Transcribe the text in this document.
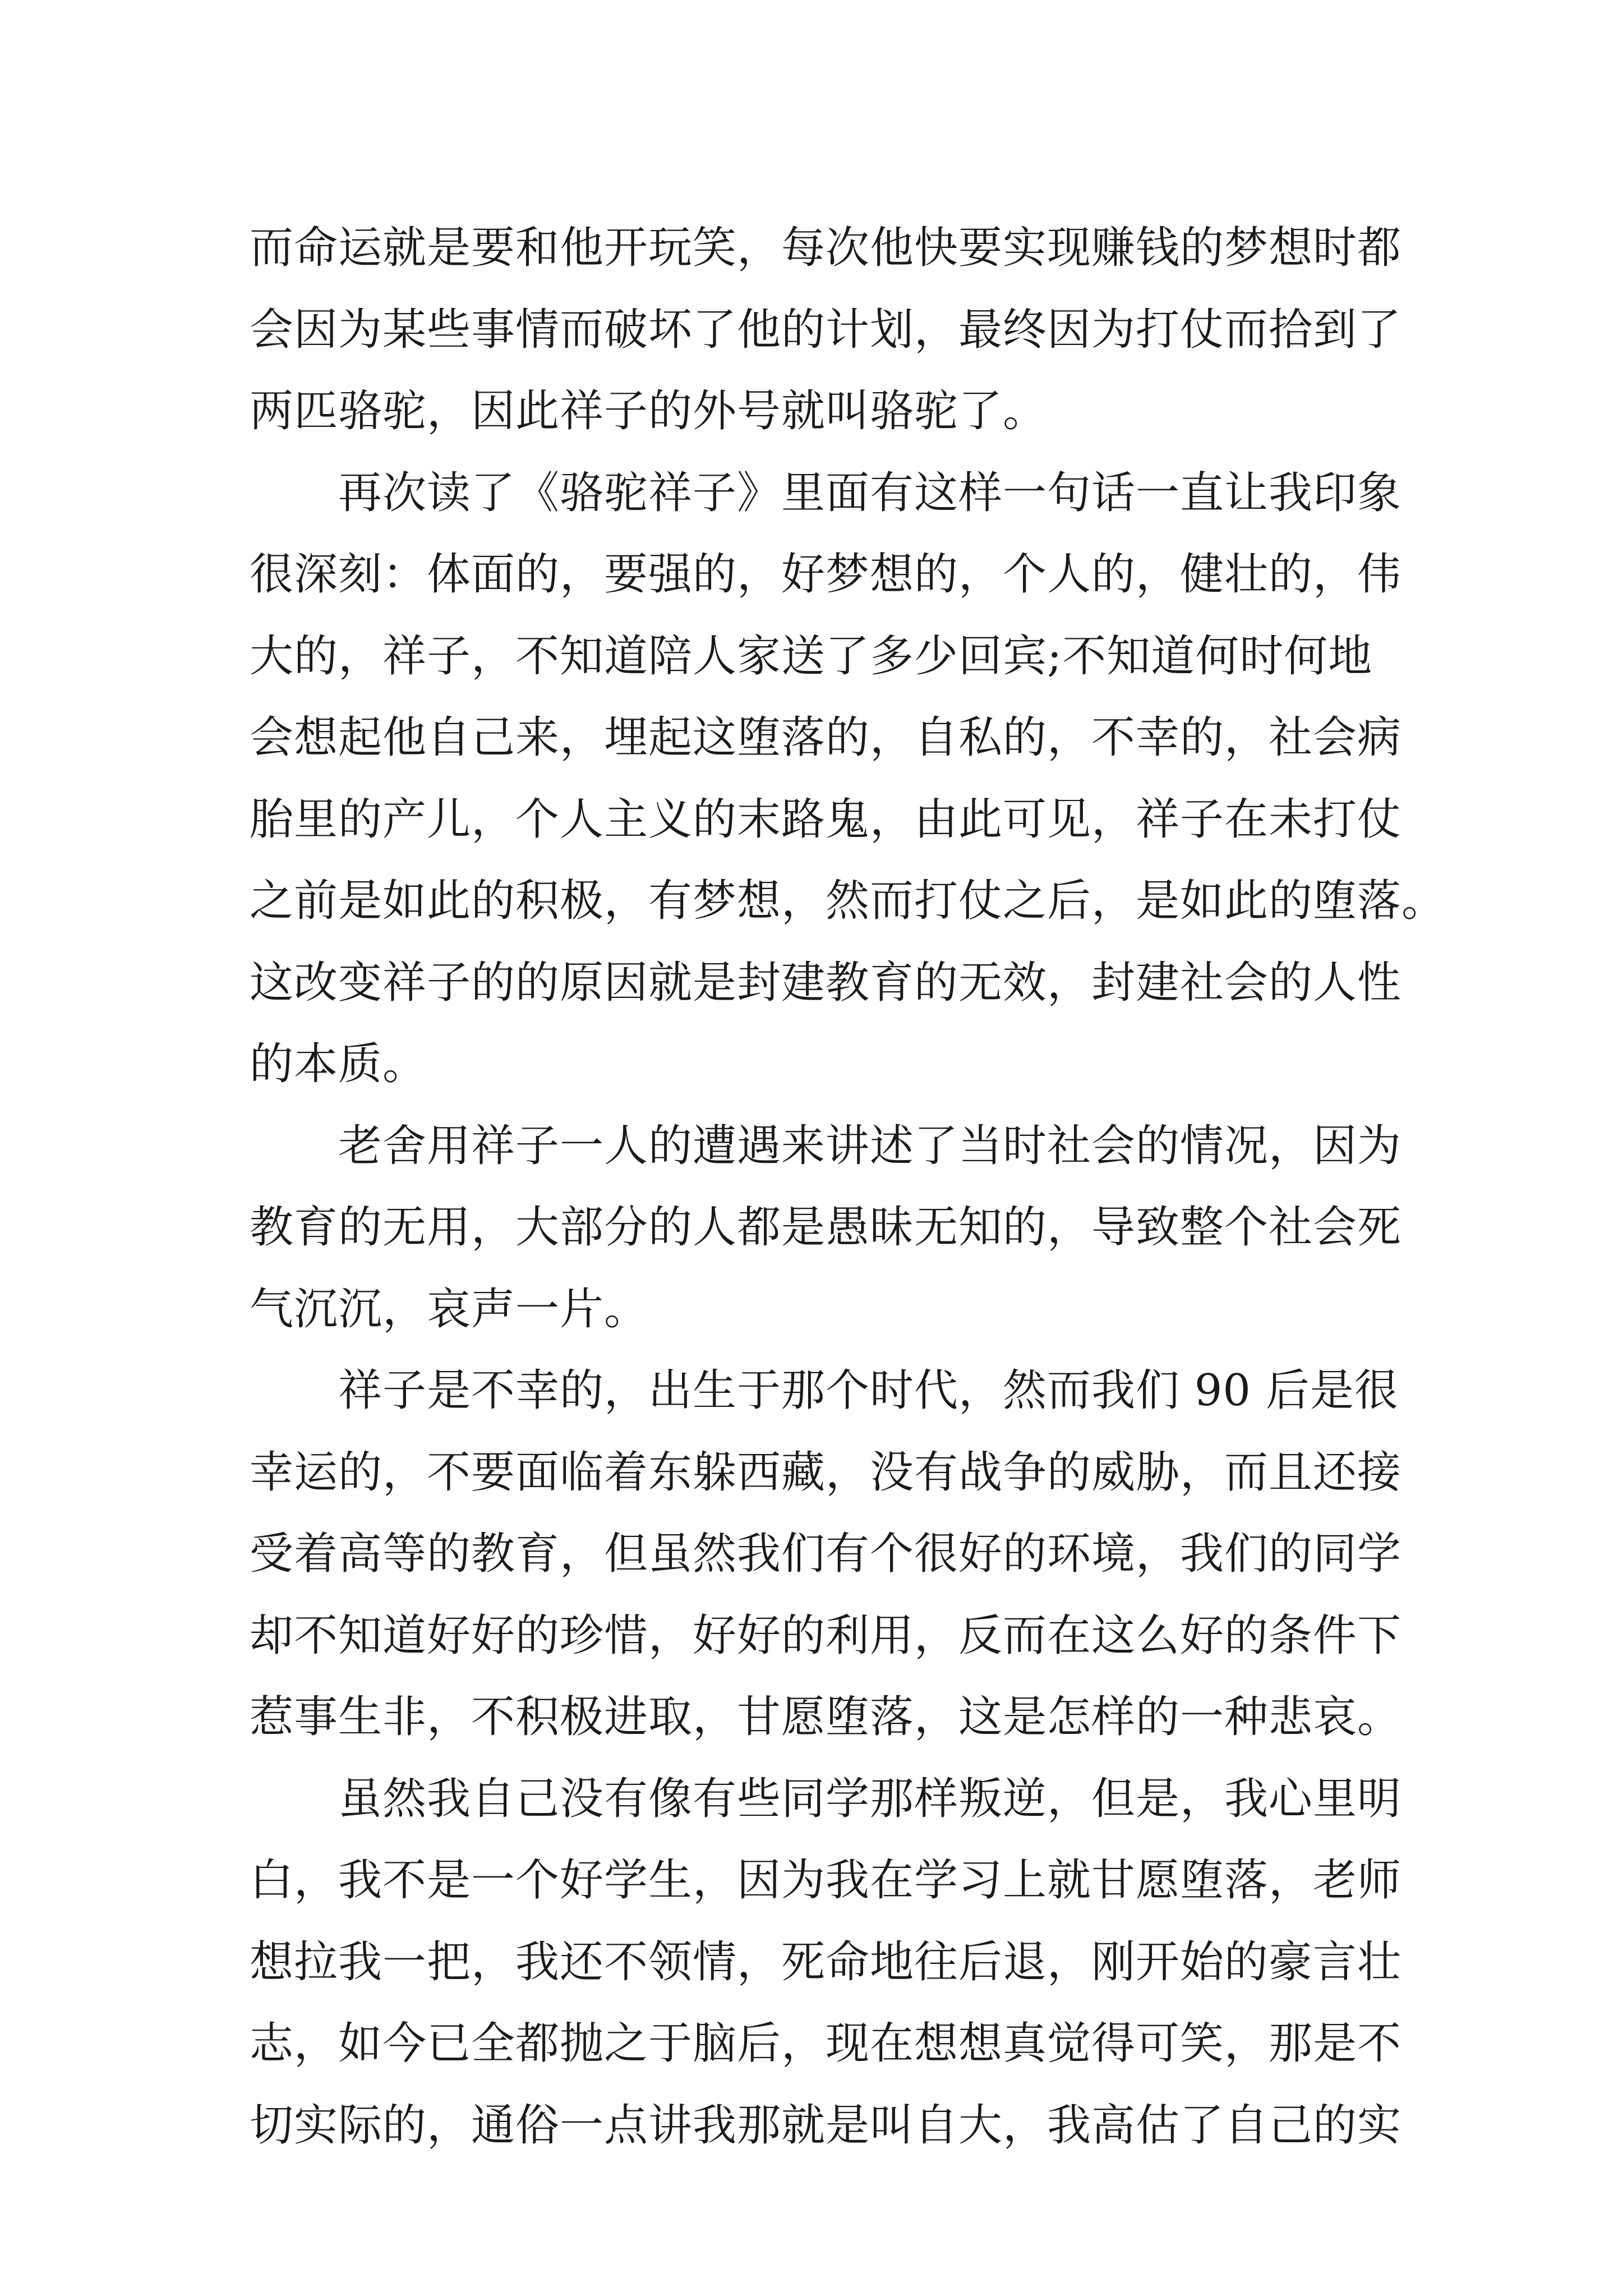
而命运就是要和他开玩笑，每次他快要实现赚钱的梦想时都
会因为某些事情而破坏了他的计划，最终因为打仗而拾到了
两匹骆驼，因此祥子的外号就叫骆驼了。
　　再次读了《骆驼祥子》里面有这样一句话一直让我印象
很深刻：体面的，要强的，好梦想的，个人的，健壮的，伟
大的，祥子，不知道陪人家送了多少回宾;不知道何时何地
会想起他自己来，埋起这堕落的，自私的，不幸的，社会病
胎里的产儿，个人主义的末路鬼，由此可见，祥子在未打仗
之前是如此的积极，有梦想，然而打仗之后，是如此的堕落。
这改变祥子的的原因就是封建教育的无效，封建社会的人性
的本质。
　　老舍用祥子一人的遭遇来讲述了当时社会的情况，因为
教育的无用，大部分的人都是愚昧无知的，导致整个社会死
气沉沉，哀声一片。
　　祥子是不幸的，出生于那个时代，然而我们 90 后是很
幸运的，不要面临着东躲西藏，没有战争的威胁，而且还接
受着高等的教育，但虽然我们有个很好的环境，我们的同学
却不知道好好的珍惜，好好的利用，反而在这么好的条件下
惹事生非，不积极进取，甘愿堕落，这是怎样的一种悲哀。
　　虽然我自己没有像有些同学那样叛逆，但是，我心里明
白，我不是一个好学生，因为我在学习上就甘愿堕落，老师
想拉我一把，我还不领情，死命地往后退，刚开始的豪言壮
志，如今已全都抛之于脑后，现在想想真觉得可笑，那是不
切实际的，通俗一点讲我那就是叫自大，我高估了自己的实
